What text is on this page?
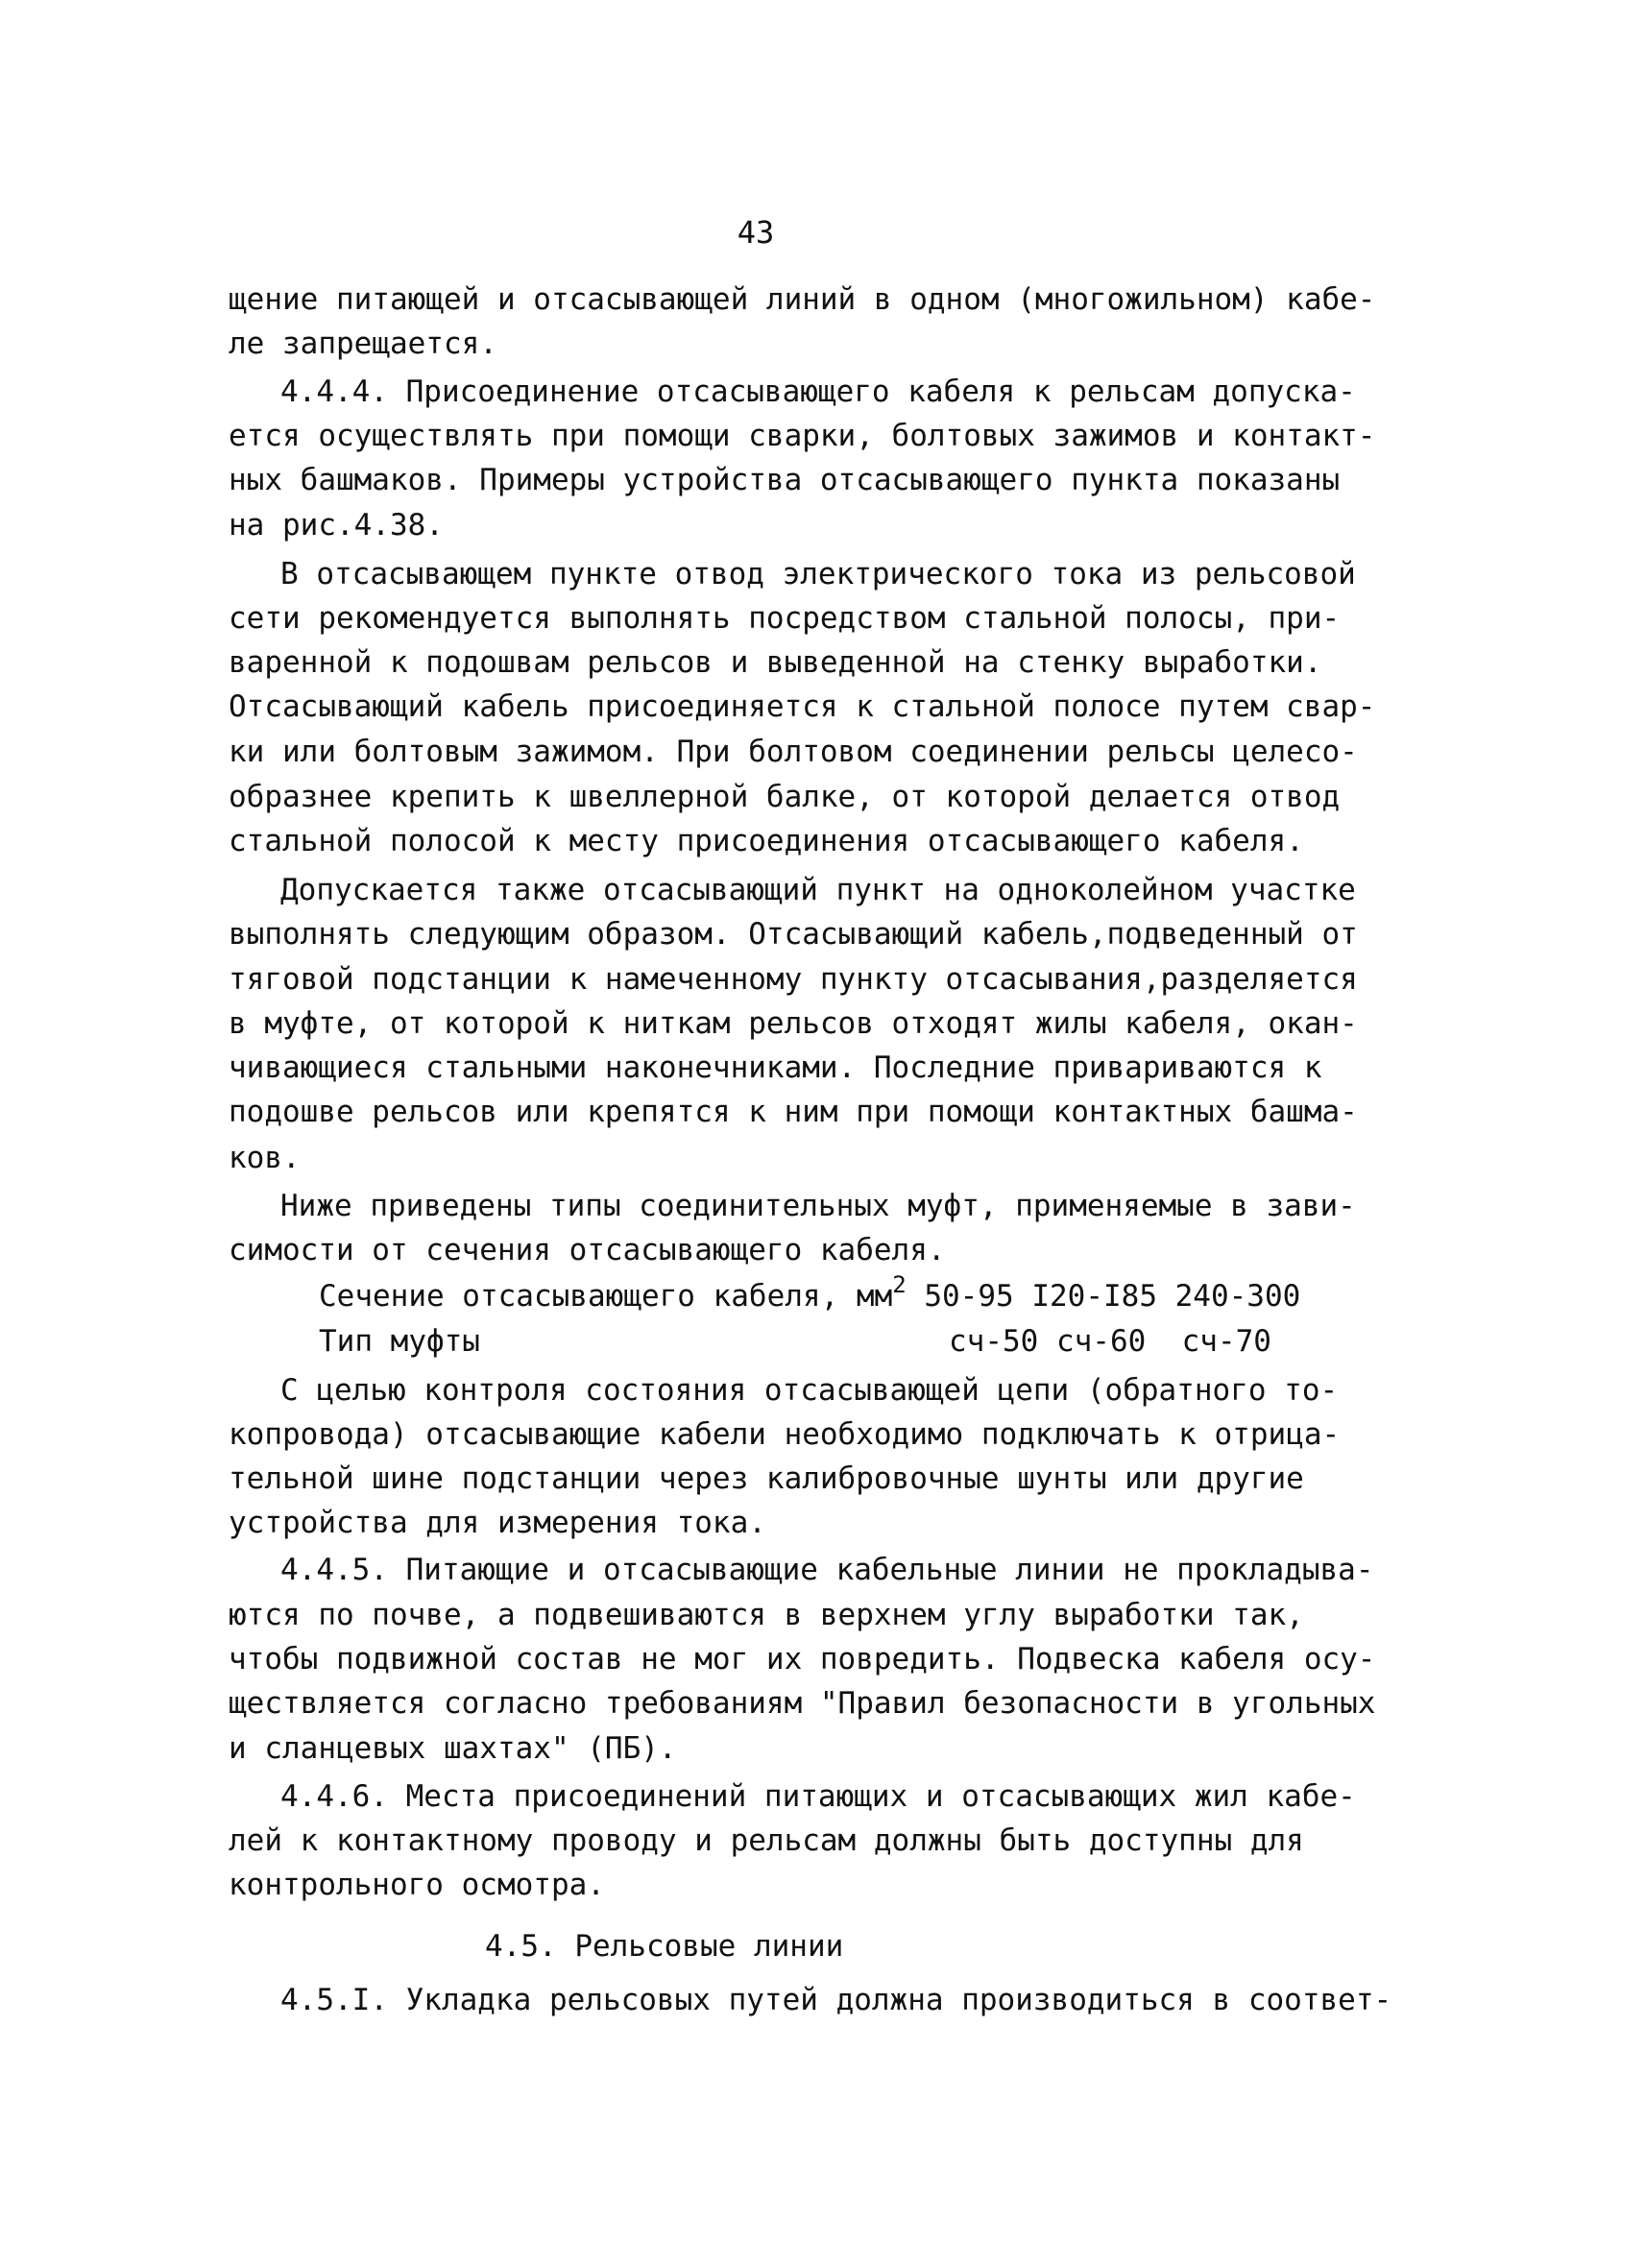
43
щение питающей и отсасывающей линий в одном (многожильном) кабе-
ле запрещается.
4.4.4. Присоединение отсасывающего кабеля к рельсам допуска-
ется осуществлять при помощи сварки, болтовых зажимов и контакт-
ных башмаков. Примеры устройства отсасывающего пункта показаны
на рис.4.38.
В отсасывающем пункте отвод электрического тока из рельсовой
сети рекомендуется выполнять посредством стальной полосы, при-
варенной к подошвам рельсов и выведенной на стенку выработки.
Отсасывающий кабель присоединяется к стальной полосе путем свар-
ки или болтовым зажимом. При болтовом соединении рельсы целесо-
образнее крепить к швеллерной балке, от которой делается отвод
стальной полосой к месту присоединения отсасывающего кабеля.
Допускается также отсасывающий пункт на одноколейном участке
выполнять следующим образом. Отсасывающий кабель,подведенный от
тяговой подстанции к намеченному пункту отсасывания,разделяется
в муфте, от которой к ниткам рельсов отходят жилы кабеля, окан-
чивающиеся стальными наконечниками. Последние привариваются к
подошве рельсов или крепятся к ним при помощи контактных башма-
ков.
Ниже приведены типы соединительных муфт, применяемые в зави-
симости от сечения отсасывающего кабеля.
Сечение отсасывающего кабеля, $мм^2$ 50-95 I20-I85 240-300
Тип муфты	сч-50 сч-60  сч-70
С целью контроля состояния отсасывающей цепи (обратного то-
копровода) отсасывающие кабели необходимо подключать к отрица-
тельной шине подстанции через калибровочные шунты или другие
устройства для измерения тока.
4.4.5. Питающие и отсасывающие кабельные линии не прокладыва-
ются по почве, а подвешиваются в верхнем углу выработки так,
чтобы подвижной состав не мог их повредить. Подвеска кабеля осу-
ществляется согласно требованиям "Правил безопасности в угольных
и сланцевых шахтах" (ПБ).
4.4.6. Места присоединений питающих и отсасывающих жил кабе-
лей к контактному проводу и рельсам должны быть доступны для
контрольного осмотра.
4.5. Рельсовые линии
4.5.I. Укладка рельсовых путей должна производиться в соответ-
